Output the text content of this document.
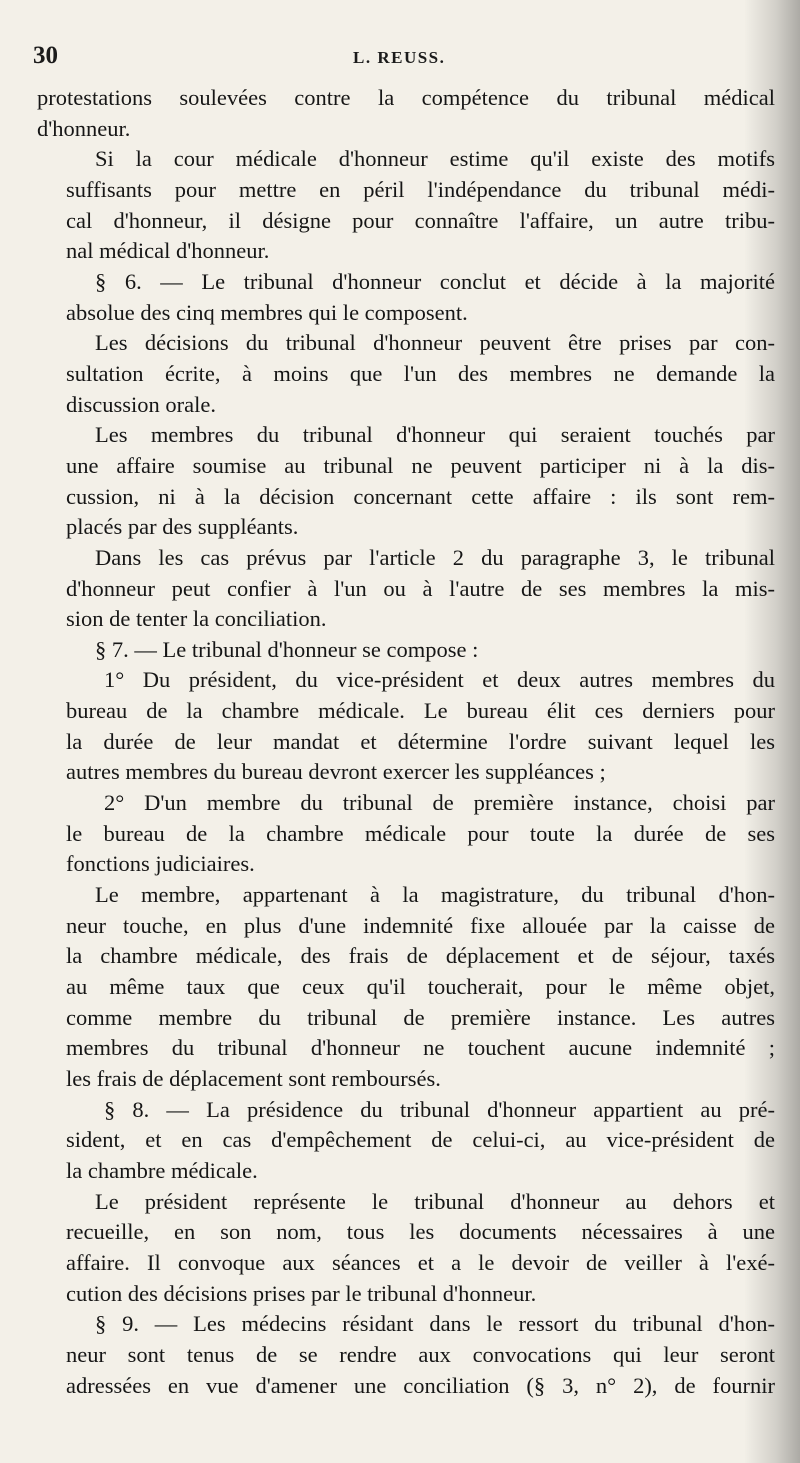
30	L. REUSS.
protestations soulevées contre la compétence du tribunal médical
d'honneur.
Si la cour médicale d'honneur estime qu'il existe des motifs
suffisants pour mettre en péril l'indépendance du tribunal médi-
cal d'honneur, il désigne pour connaître l'affaire, un autre tribu-
nal médical d'honneur.
§ 6. — Le tribunal d'honneur conclut et décide à la majorité
absolue des cinq membres qui le composent.
Les décisions du tribunal d'honneur peuvent être prises par con-
sultation écrite, à moins que l'un des membres ne demande la
discussion orale.
Les membres du tribunal d'honneur qui seraient touchés par
une affaire soumise au tribunal ne peuvent participer ni à la dis-
cussion, ni à la décision concernant cette affaire : ils sont rem-
placés par des suppléants.
Dans les cas prévus par l'article 2 du paragraphe 3, le tribunal
d'honneur peut confier à l'un ou à l'autre de ses membres la mis-
sion de tenter la conciliation.
§ 7. — Le tribunal d'honneur se compose :
1° Du président, du vice-président et deux autres membres du
bureau de la chambre médicale. Le bureau élit ces derniers pour
la durée de leur mandat et détermine l'ordre suivant lequel les
autres membres du bureau devront exercer les suppléances ;
2° D'un membre du tribunal de première instance, choisi par
le bureau de la chambre médicale pour toute la durée de ses
fonctions judiciaires.
Le membre, appartenant à la magistrature, du tribunal d'hon-
neur touche, en plus d'une indemnité fixe allouée par la caisse de
la chambre médicale, des frais de déplacement et de séjour, taxés
au même taux que ceux qu'il toucherait, pour le même objet,
comme membre du tribunal de première instance. Les autres
membres du tribunal d'honneur ne touchent aucune indemnité ;
les frais de déplacement sont remboursés.
§ 8. — La présidence du tribunal d'honneur appartient au pré-
sident, et en cas d'empêchement de celui-ci, au vice-président de
la chambre médicale.
Le président représente le tribunal d'honneur au dehors et
recueille, en son nom, tous les documents nécessaires à une
affaire. Il convoque aux séances et a le devoir de veiller à l'exé-
cution des décisions prises par le tribunal d'honneur.
§ 9. — Les médecins résidant dans le ressort du tribunal d'hon-
neur sont tenus de se rendre aux convocations qui leur seront
adressées en vue d'amener une conciliation (§ 3, n° 2), de fournir
